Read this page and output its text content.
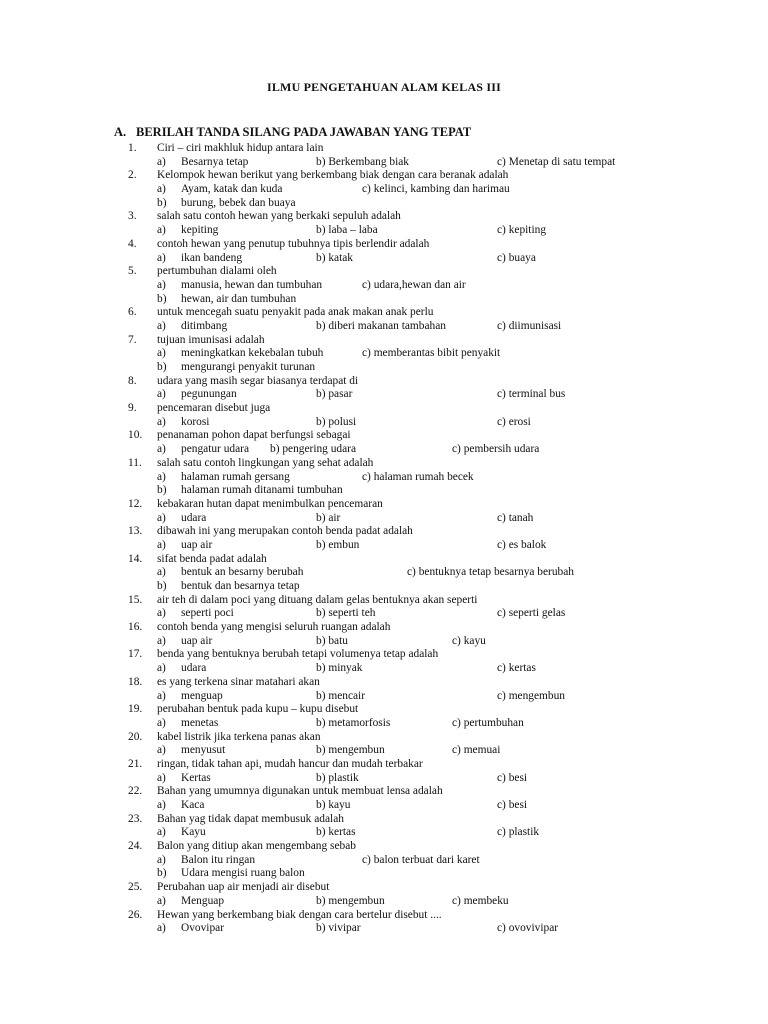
ILMU PENGETAHUAN ALAM KELAS III
A. BERILAH TANDA SILANG PADA JAWABAN YANG TEPAT
1.	Ciri – ciri makhluk hidup antara lain
a) Besarnya tetap	b) Berkembang biak	c) Menetap di satu tempat
2.	Kelompok hewan berikut yang berkembang biak dengan cara beranak adalah
a) Ayam, katak dan kuda	c) kelinci, kambing dan harimau
b) burung, bebek dan buaya
3.	salah satu contoh hewan yang berkaki sepuluh adalah
a) kepiting	b) laba – laba	c) kepiting
4.	contoh hewan yang penutup tubuhnya tipis berlendir adalah
a) ikan bandeng	b) katak	c) buaya
5.	pertumbuhan dialami oleh
a) manusia, hewan dan tumbuhan	c) udara,hewan dan air
b) hewan, air dan tumbuhan
6.	untuk mencegah suatu penyakit pada anak makan anak perlu
a) ditimbang	b) diberi makanan tambahan	c) diimunisasi
7.	tujuan imunisasi adalah
a) meningkatkan kekebalan tubuh	c) memberantas bibit penyakit
b) mengurangi penyakit turunan
8.	udara yang masih segar biasanya terdapat di
a) pegunungan	b) pasar	c) terminal bus
9.	pencemaran disebut juga
a) korosi	b) polusi	c) erosi
10.	penanaman pohon dapat berfungsi sebagai
a) pengatur udara b) pengering udara	c) pembersih udara
11.	salah satu contoh lingkungan yang sehat adalah
a) halaman rumah gersang	c) halaman rumah becek
b) halaman rumah ditanami tumbuhan
12.	kebakaran hutan dapat menimbulkan pencemaran
a) udara	b) air	c) tanah
13.	dibawah ini yang merupakan contoh benda padat adalah
a) uap air	b) embun	c) es balok
14.	sifat benda padat adalah
a) bentuk an besarny berubah	c) bentuknya tetap besarnya berubah
b) bentuk dan besarnya tetap
15.	air teh di dalam poci yang dituang dalam gelas bentuknya akan seperti
a) seperti poci	b) seperti teh	c) seperti gelas
16.	contoh benda yang mengisi seluruh ruangan adalah
a) uap air	b) batu	c) kayu
17.	benda yang bentuknya berubah tetapi volumenya tetap adalah
a) udara	b) minyak	c) kertas
18.	es yang terkena sinar matahari akan
a) menguap	b) mencair	c) mengembun
19.	perubahan bentuk pada kupu – kupu disebut
a) menetas	b) metamorfosis	c) pertumbuhan
20.	kabel listrik jika terkena panas akan
a) menyusut	b) mengembun	c) memuai
21.	ringan, tidak tahan api, mudah hancur dan mudah terbakar
a) Kertas	b) plastik	c) besi
22.	Bahan yang umumnya digunakan untuk membuat lensa adalah
a) Kaca	b) kayu	c) besi
23.	Bahan yag tidak dapat membusuk adalah
a) Kayu	b) kertas	c) plastik
24.	Balon yang ditiup akan mengembang sebab
a) Balon itu ringan	c) balon terbuat dari karet
b) Udara mengisi ruang balon
25.	Perubahan uap air menjadi air disebut
a) Menguap	b) mengembun	c) membeku
26.	Hewan yang berkembang biak dengan cara bertelur disebut ....
a) Ovovipar	b) vivipar	c) ovovivipar
